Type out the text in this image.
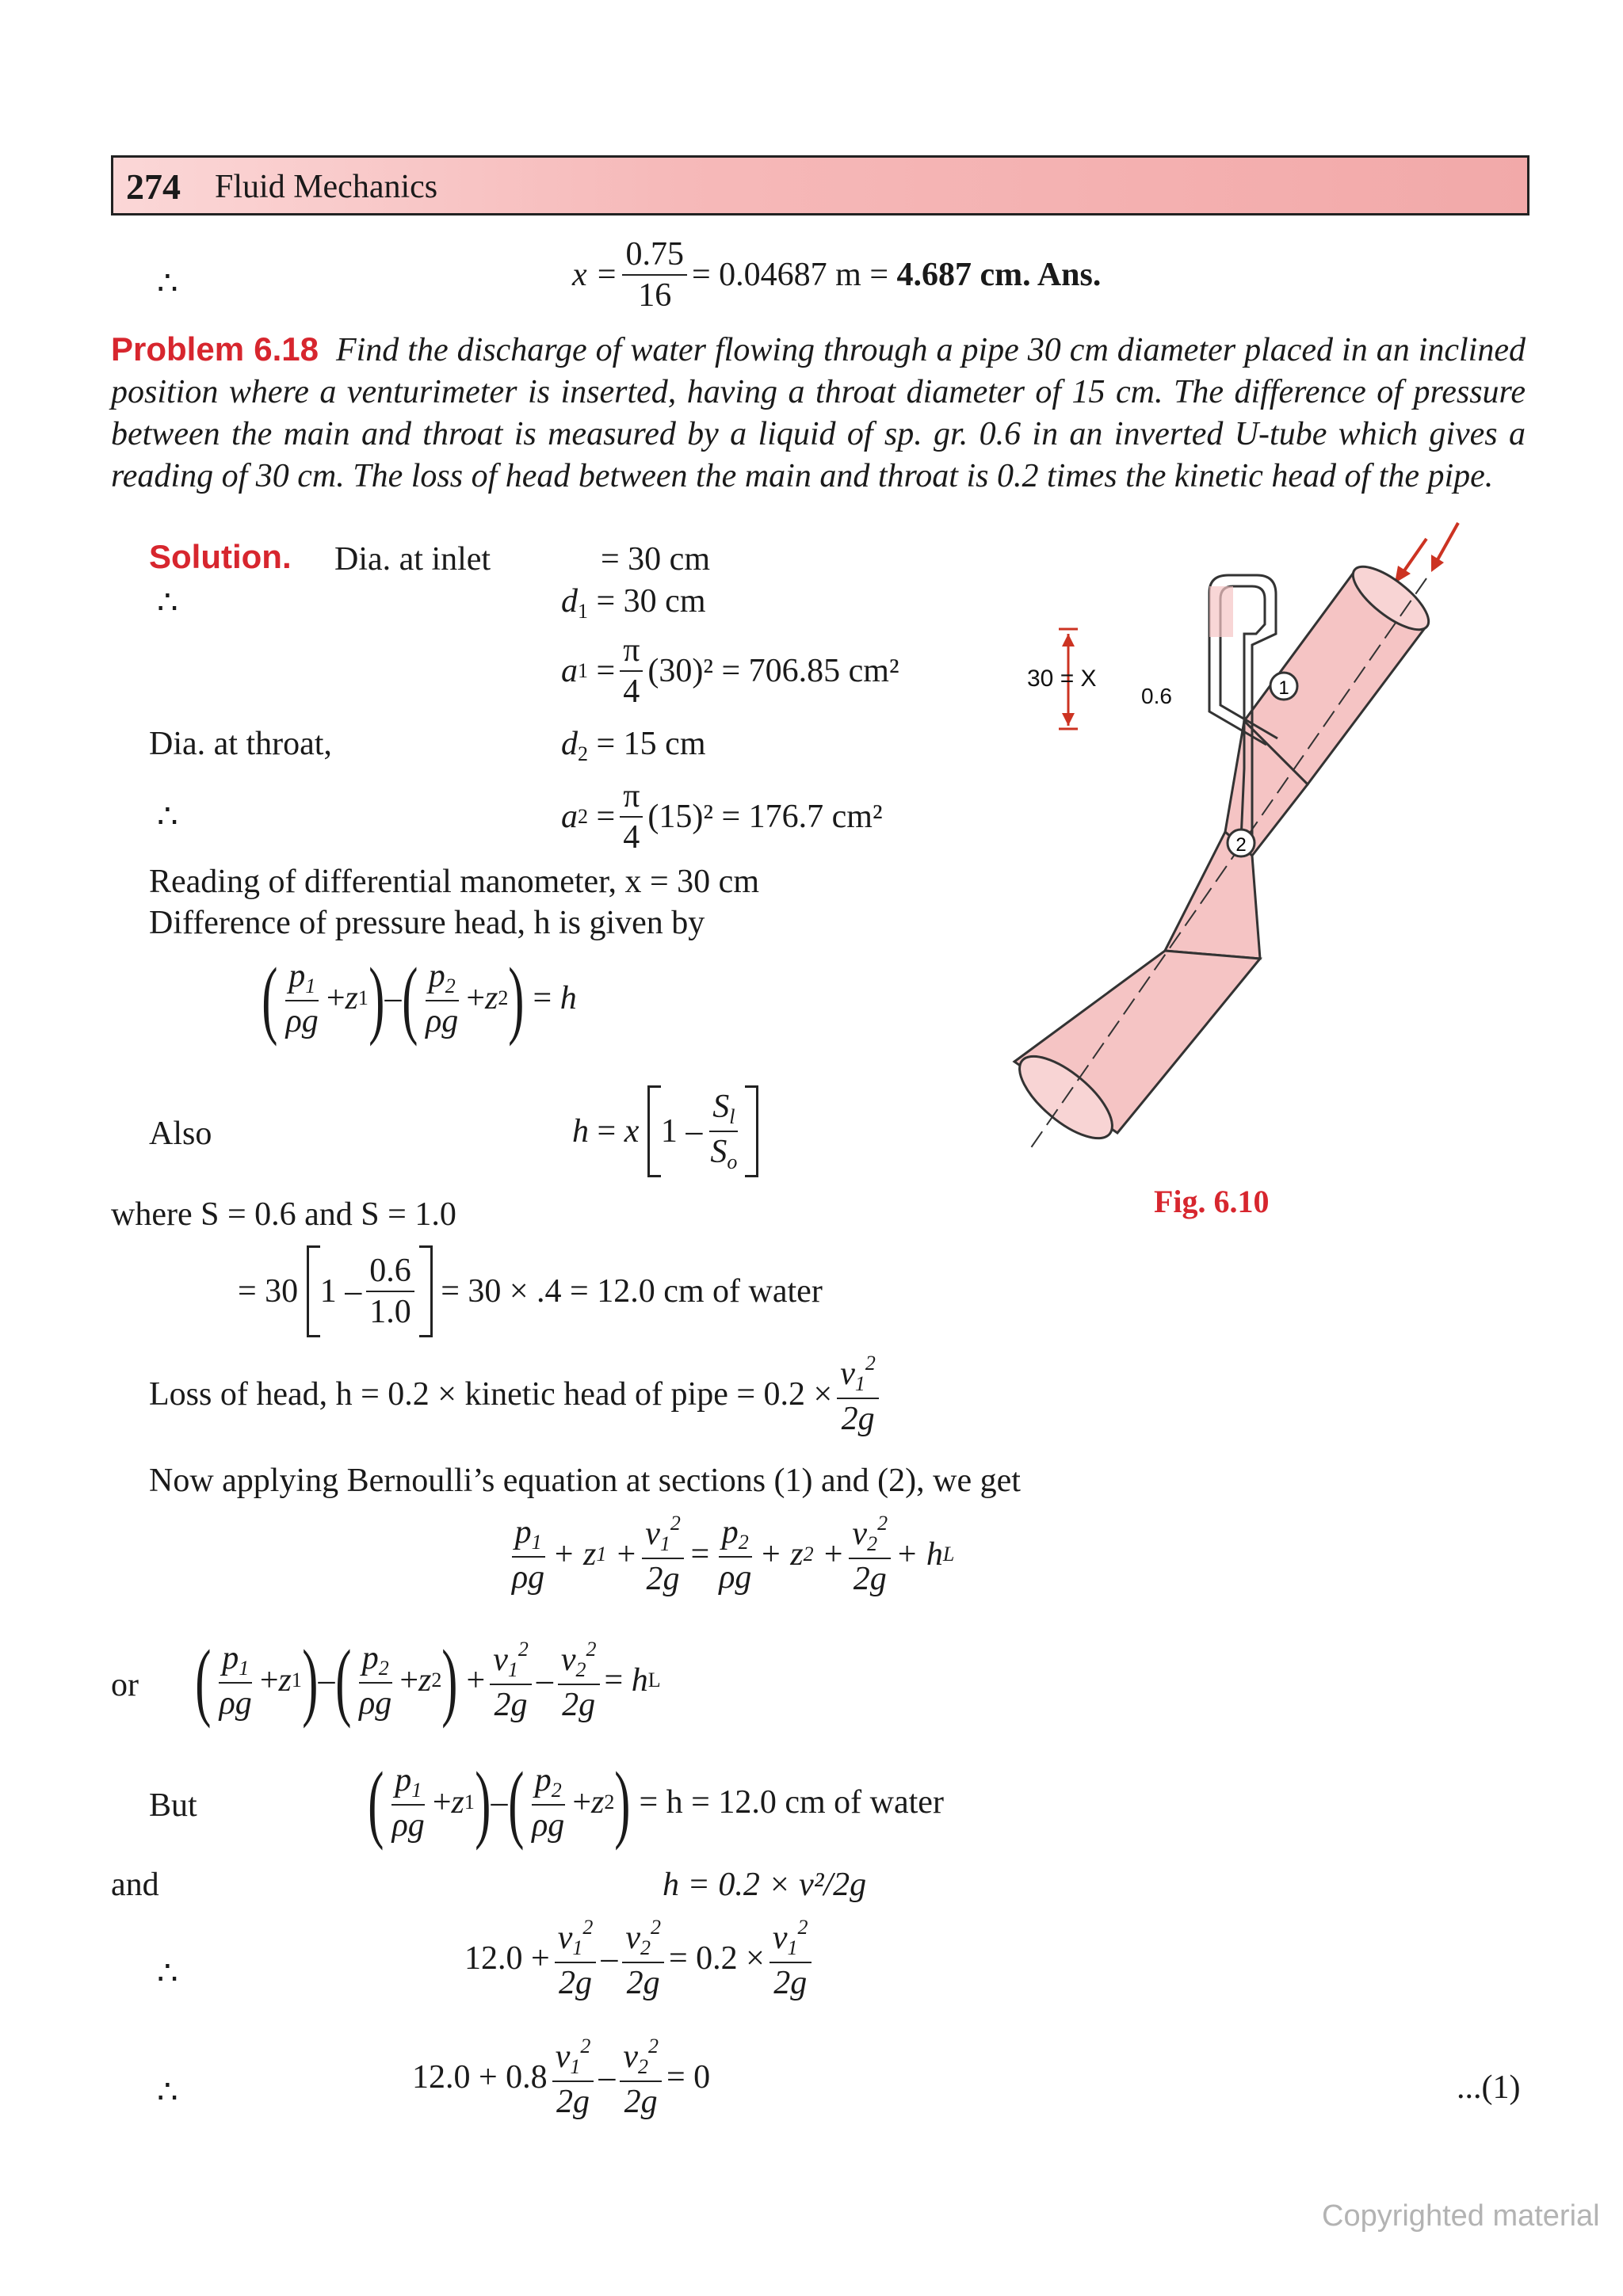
274 Fluid Mechanics
∴	$x = \frac{0.75}{16} = 0.04687$ m =
4.687 cm. Ans.
Problem 6.18 Find the discharge of water flowing through a pipe 30 cm diameter placed in an inclined position where a venturimeter is inserted, having a throat diameter of 15 cm. The difference of pressure between the main and throat is measured by a liquid of sp. gr. 0.6 in an inverted U-tube which gives a reading of 30 cm. The loss of head between the main and throat is 0.2 times the kinetic head of the pipe.
Solution. Dia. at inlet	= 30 cm
∴	$d_1 = 30$ cm
a $1 = \frac{\pi}{4} (30)^2 = 706.85$ cm²
Dia. at throat,	$d_2 = 15$ cm
∴	a $2 = \frac{\pi}{4} (15)^2 = 176.7$ cm²
Reading of differential manometer, x = 30 cm
Difference of pressure head, h is given by
( $\frac{p_1}{\rho g} + z$ 1 ) – ( $\frac{p_2}{\rho g} + z$ 2 ) = h
Also	h = x
$1 - \frac{S_l}{S_o}$
where S = 0.6 and S = 1.0
= 30
$1 - \frac{0.6}{1.0}$
= 30 × .4 = 12.0 cm of water
Loss of head, h = 0.2 × kinetic head of pipe = $0.2 \times \frac{v_1^2}{2g}$
Now applying Bernoulli’s equation at sections (1) and (2), we get
$\frac{p_1}{\rho g} + z$ $1 + \frac{v_1^2}{2g} = \frac{p_2}{\rho g} + z$ $2 + \frac{v_2^2}{2g} + h$ L
or ( $\frac{p_1}{\rho g} + z$ 1 ) – ( $\frac{p_2}{\rho g} + z$ 2 ) + $\frac{v_1^2}{2g} - \frac{v_2^2}{2g} = h$ L
But ( $\frac{p_1}{\rho g} + z$ 1 ) – ( $\frac{p_2}{\rho g} + z$ 2 )
= h = 12.0 cm of water
and	h = 0.2 × v²/2g
∴	$12.0 + \frac{v_1^2}{2g} - \frac{v_2^2}{2g} = 0.2 \times \frac{v_1^2}{2g}$
∴	$12.0 + 0.8 \frac{v_1^2}{2g} - \frac{v_2^2}{2g} = 0$	...(1)
1
2
30 = X
0.6
Fig. 6.10
Copyrighted material
